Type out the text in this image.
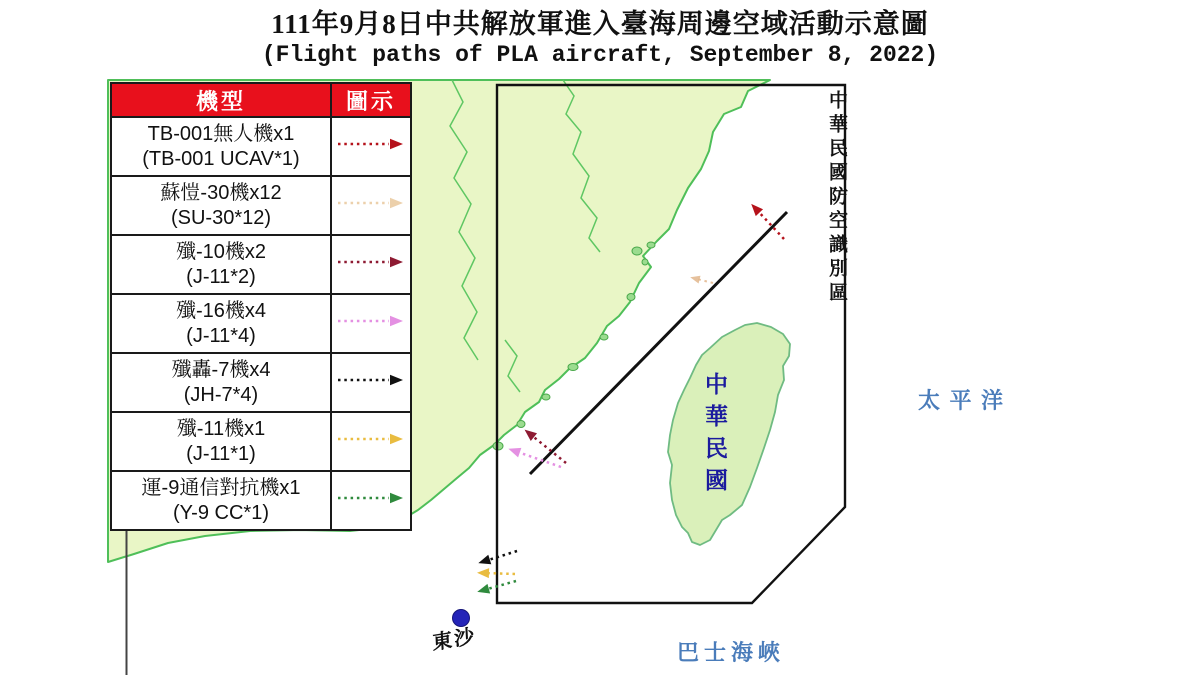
中華民國防空識別區
中華民國	太 平 洋
巴士海峽
東沙
機型	圖示

TB-001無人機x1
(TB-001 UCAV*1)

蘇愷-30機x12
(SU-30*12)

殲-10機x2
(J-11*2)

殲-16機x4
(J-11*4)

殲轟-7機x4
(JH-7*4)

殲-11機x1
(J-11*1)

運-9通信對抗機x1
(Y-9 CC*1)

111年9月8日中共解放軍進入臺海周邊空域活動示意圖
(Flight paths of PLA aircraft, September 8, 2022)
